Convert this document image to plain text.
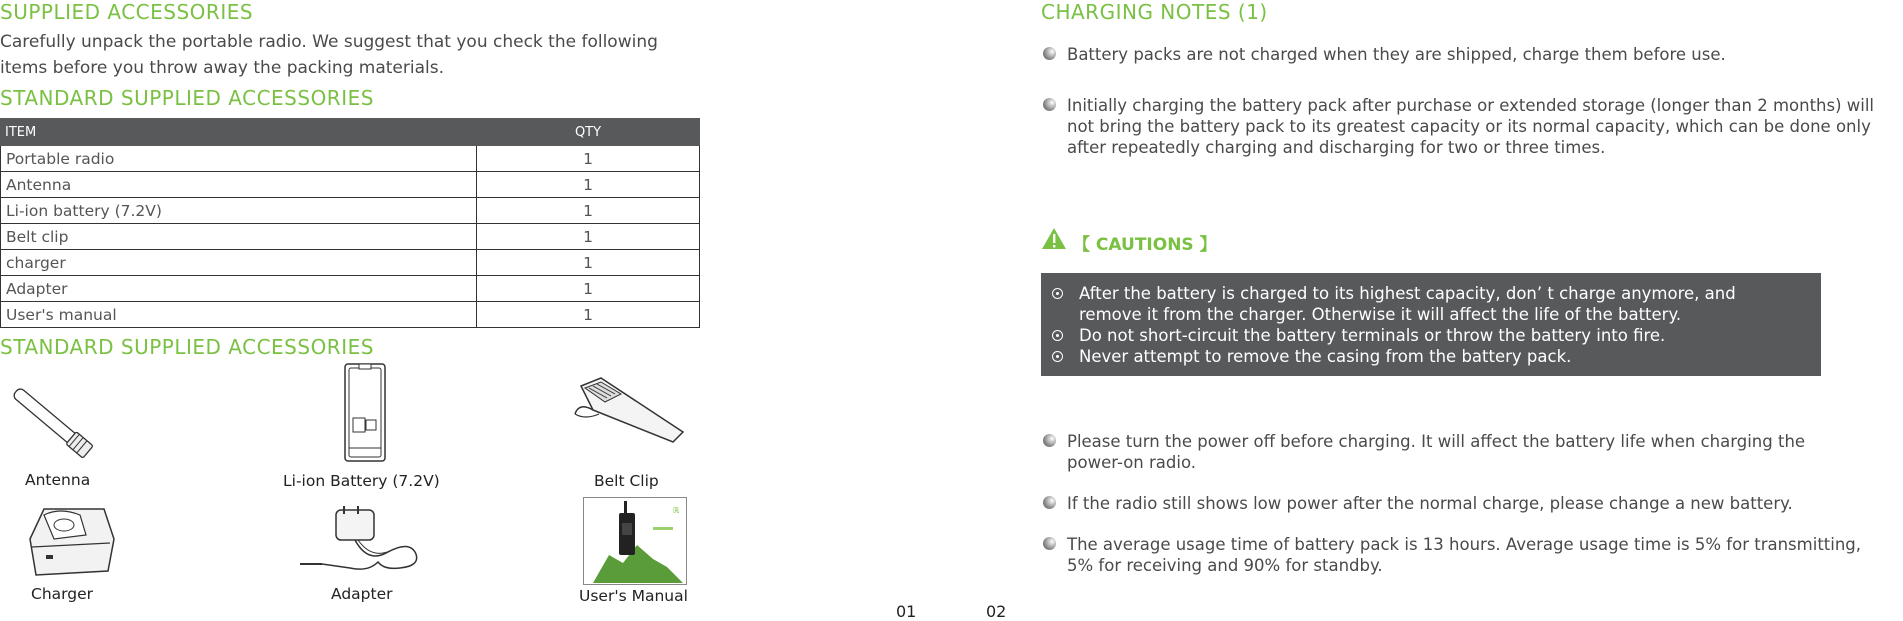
SUPPLIED ACCESSORIES
Carefully unpack the portable radio. We suggest that you check the following
items before you throw away the packing materials.
STANDARD SUPPLIED ACCESSORIES
ITEM	QTY
Portable radio	1
Antenna	1
Li-ion battery (7.2V)	1
Belt clip	1
charger	1
Adapter	1
User's manual	1
STANDARD SUPPLIED ACCESSORIES
Antenna	Li-ion Battery (7.2V)	Belt Clip
Charger	Adapter
ℝ
User's Manual
01
CHARGING NOTES (1)
Battery packs are not charged when they are shipped, charge them before use.
Initially charging the battery pack after purchase or extended storage (longer than 2 months) will
not bring the battery pack to its greatest capacity or its normal capacity, which can be done only
after repeatedly charging and discharging for two or three times.
【 CAUTIONS 】
After the battery is charged to its highest capacity, don’ t charge anymore, and
remove it from the charger. Otherwise it will affect the life of the battery.
Do not short-circuit the battery terminals or throw the battery into fire.
Never attempt to remove the casing from the battery pack.
Please turn the power off before charging. It will affect the battery life when charging the
power-on radio.
If the radio still shows low power after the normal charge, please change a new battery.
The average usage time of battery pack is 13 hours. Average usage time is 5% for transmitting,
5% for receiving and 90% for standby.
02
